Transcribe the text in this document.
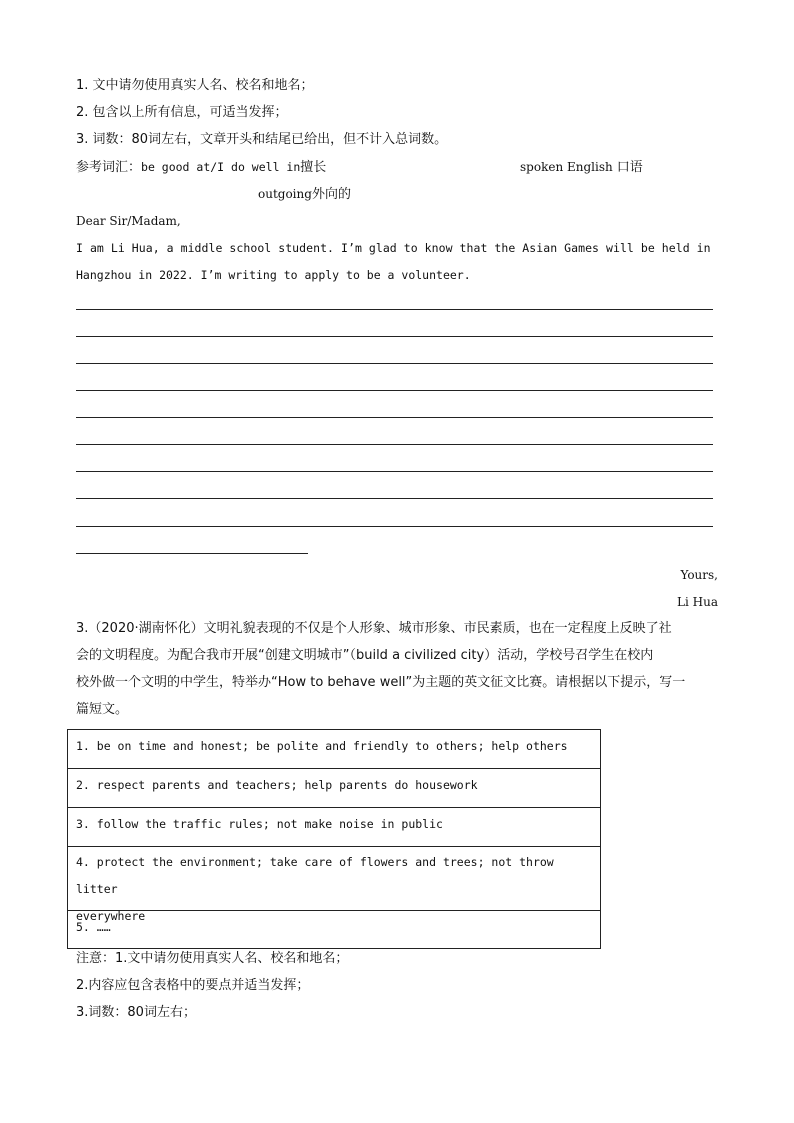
1. 文中请勿使用真实人名、校名和地名；
2. 包含以上所有信息，可适当发挥；
3. 词数：80词左右，文章开头和结尾已给出，但不计入总词数。
参考词汇：be good at/I do well in擅长	spoken English 口语
outgoing外向的
Dear Sir/Madam,
I am Li Hua, a middle school student. I’m glad to know that the Asian Games will be held in
Hangzhou in 2022. I’m writing to apply to be a volunteer.
Yours,
Li Hua
3.（2020·湖南怀化）文明礼貌表现的不仅是个人形象、城市形象、市民素质，也在一定程度上反映了社
会的文明程度。为配合我市开展“创建文明城市”（build a civilized city）活动，学校号召学生在校内
校外做一个文明的中学生，特举办“How to behave well”为主题的英文征文比赛。请根据以下提示，写一
篇短文。
1. be on time and honest; be polite and friendly to others; help others
2. respect parents and teachers; help parents do housework
3. follow the traffic rules; not make noise in public
4. protect the environment; take care of flowers and trees; not throw litter
everywhere
5. ……
注意：1.文中请勿使用真实人名、校名和地名；
2.内容应包含表格中的要点并适当发挥；
3.词数：80词左右；
